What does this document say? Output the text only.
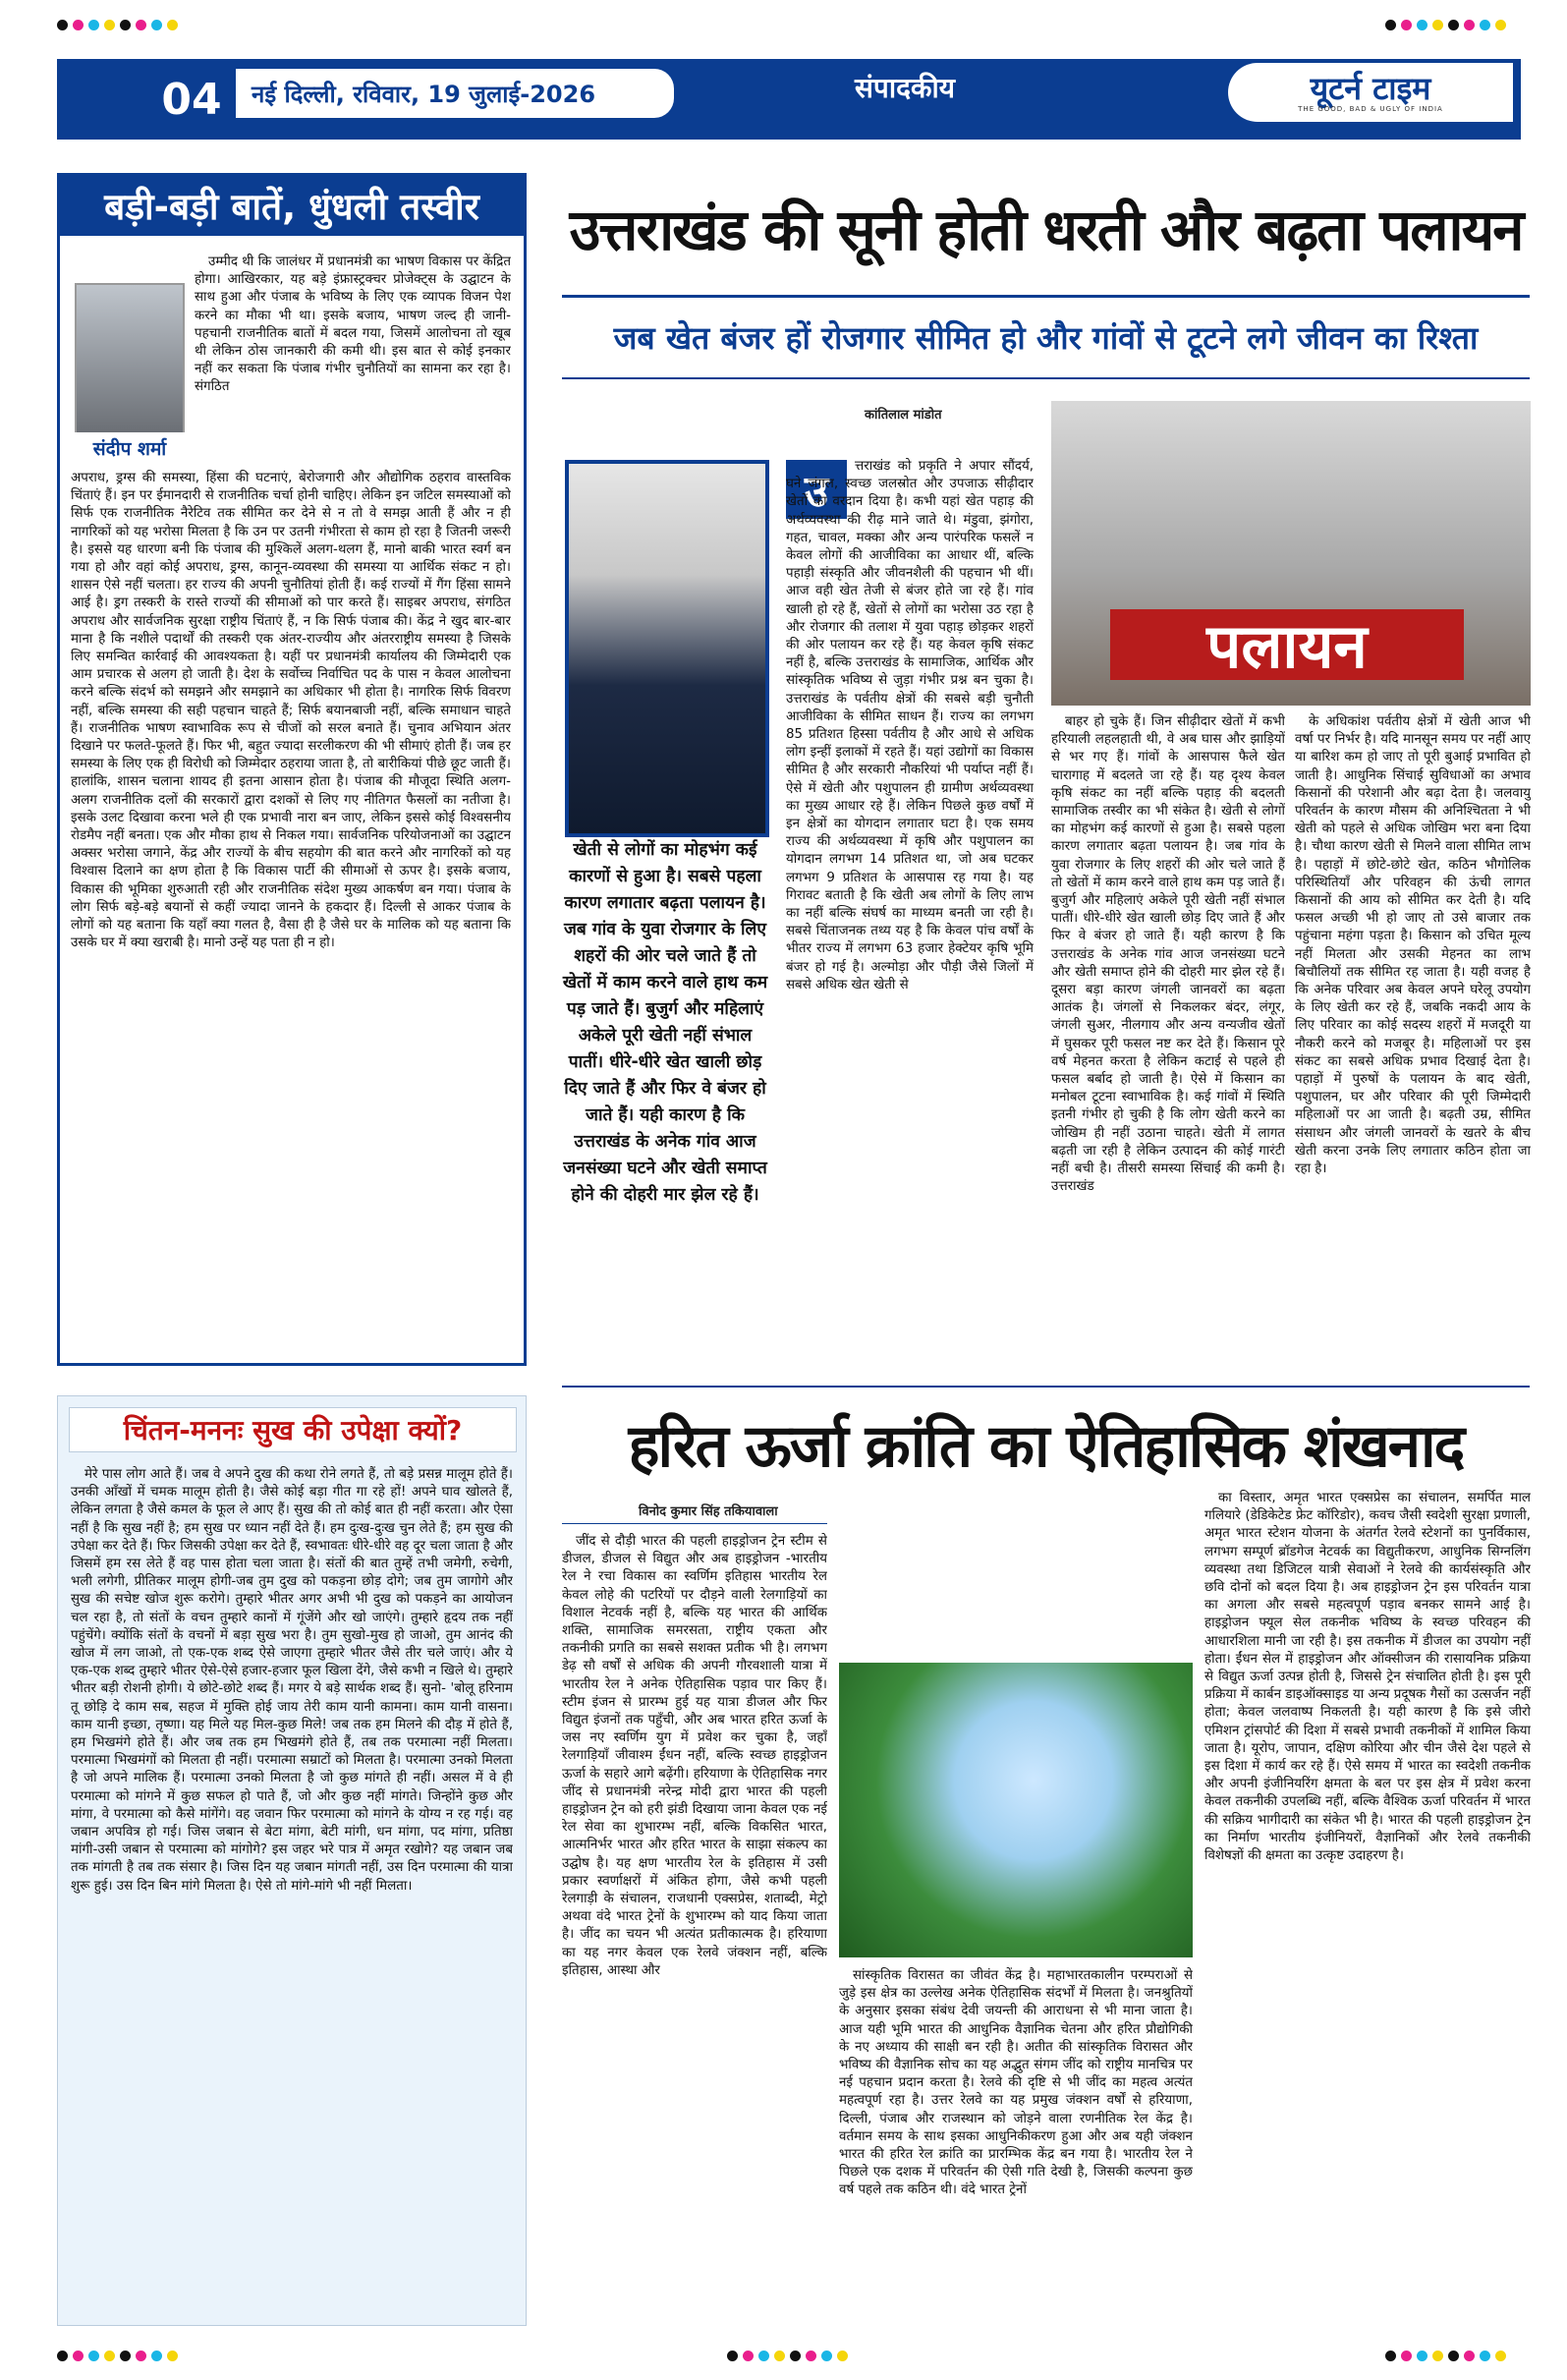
04	नई दिल्ली, रविवार, 19 जुलाई-2026	संपादकीय	यूटर्न टाइम
THE GOOD, BAD & UGLY OF INDIA
बड़ी-बड़ी बातें, धुंधली तस्वीर
संदीप शर्मा

उम्मीद थी कि जालंधर में प्रधानमंत्री का भाषण विकास पर केंद्रित होगा। आखिरकार, यह बड़े इंफ्रास्ट्रक्चर प्रोजेक्ट्स के उद्घाटन के साथ हुआ और पंजाब के भविष्य के लिए एक व्यापक विजन पेश करने का मौका भी था। इसके बजाय, भाषण जल्द ही जानी-पहचानी राजनीतिक बातों में बदल गया, जिसमें आलोचना तो खूब थी लेकिन ठोस जानकारी की कमी थी। इस बात से कोई इनकार नहीं कर सकता कि पंजाब गंभीर चुनौतियों का सामना कर रहा है। संगठित

अपराध, ड्रग्स की समस्या, हिंसा की घटनाएं, बेरोजगारी और औद्योगिक ठहराव वास्तविक चिंताएं हैं। इन पर ईमानदारी से राजनीतिक चर्चा होनी चाहिए। लेकिन इन जटिल समस्याओं को सिर्फ एक राजनीतिक नैरेटिव तक सीमित कर देने से न तो वे समझ आती हैं और न ही नागरिकों को यह भरोसा मिलता है कि उन पर उतनी गंभीरता से काम हो रहा है जितनी जरूरी है। इससे यह धारणा बनी कि पंजाब की मुश्किलें अलग-थलग हैं, मानो बाकी भारत स्वर्ग बन गया हो और वहां कोई अपराध, ड्रग्स, कानून-व्यवस्था की समस्या या आर्थिक संकट न हो। शासन ऐसे नहीं चलता। हर राज्य की अपनी चुनौतियां होती हैं। कई राज्यों में गैंग हिंसा सामने आई है। ड्रग तस्करी के रास्ते राज्यों की सीमाओं को पार करते हैं। साइबर अपराध, संगठित अपराध और सार्वजनिक सुरक्षा राष्ट्रीय चिंताएं हैं, न कि सिर्फ पंजाब की। केंद्र ने खुद बार-बार माना है कि नशीले पदार्थों की तस्करी एक अंतर-राज्यीय और अंतरराष्ट्रीय समस्या है जिसके लिए समन्वित कार्रवाई की आवश्यकता है। यहीं पर प्रधानमंत्री कार्यालय की जिम्मेदारी एक आम प्रचारक से अलग हो जाती है। देश के सर्वोच्च निर्वाचित पद के पास न केवल आलोचना करने बल्कि संदर्भ को समझने और समझाने का अधिकार भी होता है। नागरिक सिर्फ विवरण नहीं, बल्कि समस्या की सही पहचान चाहते हैं; सिर्फ बयानबाजी नहीं, बल्कि समाधान चाहते हैं। राजनीतिक भाषण स्वाभाविक रूप से चीजों को सरल बनाते हैं। चुनाव अभियान अंतर दिखाने पर फलते-फूलते हैं। फिर भी, बहुत ज्यादा सरलीकरण की भी सीमाएं होती हैं। जब हर समस्या के लिए एक ही विरोधी को जिम्मेदार ठहराया जाता है, तो बारीकियां पीछे छूट जाती हैं। हालांकि, शासन चलाना शायद ही इतना आसान होता है। पंजाब की मौजूदा स्थिति अलग-अलग राजनीतिक दलों की सरकारों द्वारा दशकों से लिए गए नीतिगत फैसलों का नतीजा है। इसके उलट दिखावा करना भले ही एक प्रभावी नारा बन जाए, लेकिन इससे कोई विश्वसनीय रोडमैप नहीं बनता। एक और मौका हाथ से निकल गया। सार्वजनिक परियोजनाओं का उद्घाटन अक्सर भरोसा जगाने, केंद्र और राज्यों के बीच सहयोग की बात करने और नागरिकों को यह विश्वास दिलाने का क्षण होता है कि विकास पार्टी की सीमाओं से ऊपर है। इसके बजाय, विकास की भूमिका शुरुआती रही और राजनीतिक संदेश मुख्य आकर्षण बन गया। पंजाब के लोग सिर्फ बड़े-बड़े बयानों से कहीं ज्यादा जानने के हकदार हैं। दिल्ली से आकर पंजाब के लोगों को यह बताना कि यहाँ क्या गलत है, वैसा ही है जैसे घर के मालिक को यह बताना कि उसके घर में क्या खराबी है। मानो उन्हें यह पता ही न हो।

चिंतन-मननः सुख की उपेक्षा क्यों?

मेरे पास लोग आते हैं। जब वे अपने दुख की कथा रोने लगते हैं, तो बड़े प्रसन्न मालूम होते हैं। उनकी आँखों में चमक मालूम होती है। जैसे कोई बड़ा गीत गा रहे हों! अपने घाव खोलते हैं, लेकिन लगता है जैसे कमल के फूल ले आए हैं। सुख की तो कोई बात ही नहीं करता। और ऐसा नहीं है कि सुख नहीं है; हम सुख पर ध्यान नहीं देते हैं। हम दुःख-दुःख चुन लेते हैं; हम सुख की उपेक्षा कर देते हैं। फिर जिसकी उपेक्षा कर देते हैं, स्वभावतः धीरे-धीरे वह दूर चला जाता है और जिसमें हम रस लेते हैं वह पास होता चला जाता है। संतों की बात तुम्हें तभी जमेगी, रुचेगी, भली लगेगी, प्रीतिकर मालूम होगी-जब तुम दुख को पकड़ना छोड़ दोगे; जब तुम जागोगे और सुख की सचेष्ट खोज शुरू करोगे। तुम्हारे भीतर अगर अभी भी दुख को पकड़ने का आयोजन चल रहा है, तो संतों के वचन तुम्हारे कानों में गूंजेंगे और खो जाएंगे। तुम्हारे हृदय तक नहीं पहुंचेंगे। क्योंकि संतों के वचनों में बड़ा सुख भरा है। तुम सुखो-मुख हो जाओ, तुम आनंद की खोज में लग जाओ, तो एक-एक शब्द ऐसे जाएगा तुम्हारे भीतर जैसे तीर चले जाएं। और ये एक-एक शब्द तुम्हारे भीतर ऐसे-ऐसे हजार-हजार फूल खिला देंगे, जैसे कभी न खिले थे। तुम्हारे भीतर बड़ी रोशनी होगी। ये छोटे-छोटे शब्द हैं। मगर ये बड़े सार्थक शब्द हैं। सुनो- 'बोलू हरिनाम तू छोड़ि दे काम सब, सहज में मुक्ति होई जाय तेरी काम यानी कामना। काम यानी वासना। काम यानी इच्छा, तृष्णा। यह मिले यह मिल-कुछ मिले! जब तक हम मिलने की दौड़ में होते हैं, हम भिखमंगे होते हैं। और जब तक हम भिखमंगे होते हैं, तब तक परमात्मा नहीं मिलता। परमात्मा भिखमंगों को मिलता ही नहीं। परमात्मा सम्राटों को मिलता है। परमात्मा उनको मिलता है जो अपने मालिक हैं। परमात्मा उनको मिलता है जो कुछ मांगते ही नहीं। असल में वे ही परमात्मा को मांगने में कुछ सफल हो पाते हैं, जो और कुछ नहीं मांगते। जिन्होंने कुछ और मांगा, वे परमात्मा को कैसे मांगेंगे। वह जवान फिर परमात्मा को मांगने के योग्य न रह गई। वह जबान अपवित्र हो गई। जिस जबान से बेटा मांगा, बेटी मांगी, धन मांगा, पद मांगा, प्रतिष्ठा मांगी-उसी जबान से परमात्मा को मांगोगे? इस जहर भरे पात्र में अमृत रखोगे? यह जबान जब तक मांगती है तब तक संसार है। जिस दिन यह जबान मांगती नहीं, उस दिन परमात्मा की यात्रा शुरू हुई। उस दिन बिन मांगे मिलता है। ऐसे तो मांगे-मांगे भी नहीं मिलता।

उत्तराखंड की सूनी होती धरती और बढ़ता पलायन
जब खेत बंजर हों रोजगार सीमित हो और गांवों से टूटने लगे जीवन का रिश्ता
कांतिलाल मांडोत
खेती से लोगों का मोहभंग कई कारणों से हुआ है। सबसे पहला कारण लगातार बढ़ता पलायन है। जब गांव के युवा रोजगार के लिए शहरों की ओर चले जाते हैं तो खेतों में काम करने वाले हाथ कम पड़ जाते हैं। बुजुर्ग और महिलाएं अकेले पूरी खेती नहीं संभाल पातीं। धीरे-धीरे खेत खाली छोड़ दिए जाते हैं और फिर वे बंजर हो जाते हैं। यही कारण है कि उत्तराखंड के अनेक गांव आज जनसंख्या घटने और खेती समाप्त होने की दोहरी मार झेल रहे हैं।
उ

त्तराखंड को प्रकृति ने अपार सौंदर्य, घने जंगल, स्वच्छ जलस्रोत और उपजाऊ सीढ़ीदार खेतों का वरदान दिया है। कभी यहां खेत पहाड़ की अर्थव्यवस्था की रीढ़ माने जाते थे। मंडुवा, झंगोरा, गहत, चावल, मक्का और अन्य पारंपरिक फसलें न केवल लोगों की आजीविका का आधार थीं, बल्कि पहाड़ी संस्कृति और जीवनशैली की पहचान भी थीं। आज वही खेत तेजी से बंजर होते जा रहे हैं। गांव खाली हो रहे हैं, खेतों से लोगों का भरोसा उठ रहा है और रोजगार की तलाश में युवा पहाड़ छोड़कर शहरों की ओर पलायन कर रहे हैं। यह केवल कृषि संकट नहीं है, बल्कि उत्तराखंड के सामाजिक, आर्थिक और सांस्कृतिक भविष्य से जुड़ा गंभीर प्रश्न बन चुका है। उत्तराखंड के पर्वतीय क्षेत्रों की सबसे बड़ी चुनौती आजीविका के सीमित साधन हैं। राज्य का लगभग 85 प्रतिशत हिस्सा पर्वतीय है और आधे से अधिक लोग इन्हीं इलाकों में रहते हैं। यहां उद्योगों का विकास सीमित है और सरकारी नौकरियां भी पर्याप्त नहीं हैं। ऐसे में खेती और पशुपालन ही ग्रामीण अर्थव्यवस्था का मुख्य आधार रहे हैं। लेकिन पिछले कुछ वर्षों में इन क्षेत्रों का योगदान लगातार घटा है। एक समय राज्य की अर्थव्यवस्था में कृषि और पशुपालन का योगदान लगभग 14 प्रतिशत था, जो अब घटकर लगभग 9 प्रतिशत के आसपास रह गया है। यह गिरावट बताती है कि खेती अब लोगों के लिए लाभ का नहीं बल्कि संघर्ष का माध्यम बनती जा रही है। सबसे चिंताजनक तथ्य यह है कि केवल पांच वर्षों के भीतर राज्य में लगभग 63 हजार हेक्टेयर कृषि भूमि बंजर हो गई है। अल्मोड़ा और पौड़ी जैसे जिलों में सबसे अधिक खेत खेती से

पलायन

बाहर हो चुके हैं। जिन सीढ़ीदार खेतों में कभी हरियाली लहलहाती थी, वे अब घास और झाड़ियों से भर गए हैं। गांवों के आसपास फैले खेत चारागाह में बदलते जा रहे हैं। यह दृश्य केवल कृषि संकट का नहीं बल्कि पहाड़ की बदलती सामाजिक तस्वीर का भी संकेत है। खेती से लोगों का मोहभंग कई कारणों से हुआ है। सबसे पहला कारण लगातार बढ़ता पलायन है। जब गांव के युवा रोजगार के लिए शहरों की ओर चले जाते हैं तो खेतों में काम करने वाले हाथ कम पड़ जाते हैं। बुजुर्ग और महिलाएं अकेले पूरी खेती नहीं संभाल पातीं। धीरे-धीरे खेत खाली छोड़ दिए जाते हैं और फिर वे बंजर हो जाते हैं। यही कारण है कि उत्तराखंड के अनेक गांव आज जनसंख्या घटने और खेती समाप्त होने की दोहरी मार झेल रहे हैं। दूसरा बड़ा कारण जंगली जानवरों का बढ़ता आतंक है। जंगलों से निकलकर बंदर, लंगूर, जंगली सुअर, नीलगाय और अन्य वन्यजीव खेतों में घुसकर पूरी फसल नष्ट कर देते हैं। किसान पूरे वर्ष मेहनत करता है लेकिन कटाई से पहले ही फसल बर्बाद हो जाती है। ऐसे में किसान का मनोबल टूटना स्वाभाविक है। कई गांवों में स्थिति इतनी गंभीर हो चुकी है कि लोग खेती करने का जोखिम ही नहीं उठाना चाहते। खेती में लागत बढ़ती जा रही है लेकिन उत्पादन की कोई गारंटी नहीं बची है। तीसरी समस्या सिंचाई की कमी है। उत्तराखंड

के अधिकांश पर्वतीय क्षेत्रों में खेती आज भी वर्षा पर निर्भर है। यदि मानसून समय पर नहीं आए या बारिश कम हो जाए तो पूरी बुआई प्रभावित हो जाती है। आधुनिक सिंचाई सुविधाओं का अभाव किसानों की परेशानी और बढ़ा देता है। जलवायु परिवर्तन के कारण मौसम की अनिश्चितता ने भी खेती को पहले से अधिक जोखिम भरा बना दिया है। चौथा कारण खेती से मिलने वाला सीमित लाभ है। पहाड़ों में छोटे-छोटे खेत, कठिन भौगोलिक परिस्थितियाँ और परिवहन की ऊंची लागत किसानों की आय को सीमित कर देती है। यदि फसल अच्छी भी हो जाए तो उसे बाजार तक पहुंचाना महंगा पड़ता है। किसान को उचित मूल्य नहीं मिलता और उसकी मेहनत का लाभ बिचौलियों तक सीमित रह जाता है। यही वजह है कि अनेक परिवार अब केवल अपने घरेलू उपयोग के लिए खेती कर रहे हैं, जबकि नकदी आय के लिए परिवार का कोई सदस्य शहरों में मजदूरी या नौकरी करने को मजबूर है। महिलाओं पर इस संकट का सबसे अधिक प्रभाव दिखाई देता है। पहाड़ों में पुरुषों के पलायन के बाद खेती, पशुपालन, घर और परिवार की पूरी जिम्मेदारी महिलाओं पर आ जाती है। बढ़ती उम्र, सीमित संसाधन और जंगली जानवरों के खतरे के बीच खेती करना उनके लिए लगातार कठिन होता जा रहा है।

हरित ऊर्जा क्रांति का ऐतिहासिक शंखनाद
विनोद कुमार सिंह तकियावाला

जींद से दौड़ी भारत की पहली हाइड्रोजन ट्रेन स्टीम से डीजल, डीजल से विद्युत और अब हाइड्रोजन -भारतीय रेल ने रचा विकास का स्वर्णिम इतिहास भारतीय रेल केवल लोहे की पटरियों पर दौड़ने वाली रेलगाड़ियों का विशाल नेटवर्क नहीं है, बल्कि यह भारत की आर्थिक शक्ति, सामाजिक समरसता, राष्ट्रीय एकता और तकनीकी प्रगति का सबसे सशक्त प्रतीक भी है। लगभग डेढ़ सौ वर्षों से अधिक की अपनी गौरवशाली यात्रा में भारतीय रेल ने अनेक ऐतिहासिक पड़ाव पार किए हैं। स्टीम इंजन से प्रारम्भ हुई यह यात्रा डीजल और फिर विद्युत इंजनों तक पहुँची, और अब भारत हरित ऊर्जा के जस नए स्वर्णिम युग में प्रवेश कर चुका है, जहाँ रेलगाड़ियाँ जीवाश्म ईंधन नहीं, बल्कि स्वच्छ हाइड्रोजन ऊर्जा के सहारे आगे बढ़ेंगी। हरियाणा के ऐतिहासिक नगर जींद से प्रधानमंत्री नरेन्द्र मोदी द्वारा भारत की पहली हाइड्रोजन ट्रेन को हरी झंडी दिखाया जाना केवल एक नई रेल सेवा का शुभारम्भ नहीं, बल्कि विकसित भारत, आत्मनिर्भर भारत और हरित भारत के साझा संकल्प का उद्घोष है। यह क्षण भारतीय रेल के इतिहास में उसी प्रकार स्वर्णाक्षरों में अंकित होगा, जैसे कभी पहली रेलगाड़ी के संचालन, राजधानी एक्सप्रेस, शताब्दी, मेट्रो अथवा वंदे भारत ट्रेनों के शुभारम्भ को याद किया जाता है। जींद का चयन भी अत्यंत प्रतीकात्मक है। हरियाणा का यह नगर केवल एक रेलवे जंक्शन नहीं, बल्कि इतिहास, आस्था और	सांस्कृतिक विरासत का जीवंत केंद्र है। महाभारतकालीन परम्पराओं से जुड़े इस क्षेत्र का उल्लेख अनेक ऐतिहासिक संदर्भों में मिलता है। जनश्रुतियों के अनुसार इसका संबंध देवी जयन्ती की आराधना से भी माना जाता है। आज यही भूमि भारत की आधुनिक वैज्ञानिक चेतना और हरित प्रौद्योगिकी के नए अध्याय की साक्षी बन रही है। अतीत की सांस्कृतिक विरासत और भविष्य की वैज्ञानिक सोच का यह अद्भुत संगम जींद को राष्ट्रीय मानचित्र पर नई पहचान प्रदान करता है। रेलवे की दृष्टि से भी जींद का महत्व अत्यंत महत्वपूर्ण रहा है। उत्तर रेलवे का यह प्रमुख जंक्शन वर्षों से हरियाणा, दिल्ली, पंजाब और राजस्थान को जोड़ने वाला रणनीतिक रेल केंद्र है। वर्तमान समय के साथ इसका आधुनिकीकरण हुआ और अब यही जंक्शन भारत की हरित रेल क्रांति का प्रारम्भिक केंद्र बन गया है। भारतीय रेल ने पिछले एक दशक में परिवर्तन की ऐसी गति देखी है, जिसकी कल्पना कुछ वर्ष पहले तक कठिन थी। वंदे भारत ट्रेनों

का विस्तार, अमृत भारत एक्सप्रेस का संचालन, समर्पित माल गलियारे (डेडिकेटेड फ्रेट कॉरिडोर), कवच जैसी स्वदेशी सुरक्षा प्रणाली, अमृत भारत स्टेशन योजना के अंतर्गत रेलवे स्टेशनों का पुनर्विकास, लगभग सम्पूर्ण ब्रॉडगेज नेटवर्क का विद्युतीकरण, आधुनिक सिग्नलिंग व्यवस्था तथा डिजिटल यात्री सेवाओं ने रेलवे की कार्यसंस्कृति और छवि दोनों को बदल दिया है। अब हाइड्रोजन ट्रेन इस परिवर्तन यात्रा का अगला और सबसे महत्वपूर्ण पड़ाव बनकर सामने आई है। हाइड्रोजन फ्यूल सेल तकनीक भविष्य के स्वच्छ परिवहन की आधारशिला मानी जा रही है। इस तकनीक में डीजल का उपयोग नहीं होता। ईंधन सेल में हाइड्रोजन और ऑक्सीजन की रासायनिक प्रक्रिया से विद्युत ऊर्जा उत्पन्न होती है, जिससे ट्रेन संचालित होती है। इस पूरी प्रक्रिया में कार्बन डाइऑक्साइड या अन्य प्रदूषक गैसों का उत्सर्जन नहीं होता; केवल जलवाष्प निकलती है। यही कारण है कि इसे जीरो एमिशन ट्रांसपोर्ट की दिशा में सबसे प्रभावी तकनीकों में शामिल किया जाता है। यूरोप, जापान, दक्षिण कोरिया और चीन जैसे देश पहले से इस दिशा में कार्य कर रहे हैं। ऐसे समय में भारत का स्वदेशी तकनीक और अपनी इंजीनियरिंग क्षमता के बल पर इस क्षेत्र में प्रवेश करना केवल तकनीकी उपलब्धि नहीं, बल्कि वैश्विक ऊर्जा परिवर्तन में भारत की सक्रिय भागीदारी का संकेत भी है। भारत की पहली हाइड्रोजन ट्रेन का निर्माण भारतीय इंजीनियरों, वैज्ञानिकों और रेलवे तकनीकी विशेषज्ञों की क्षमता का उत्कृष्ट उदाहरण है।
